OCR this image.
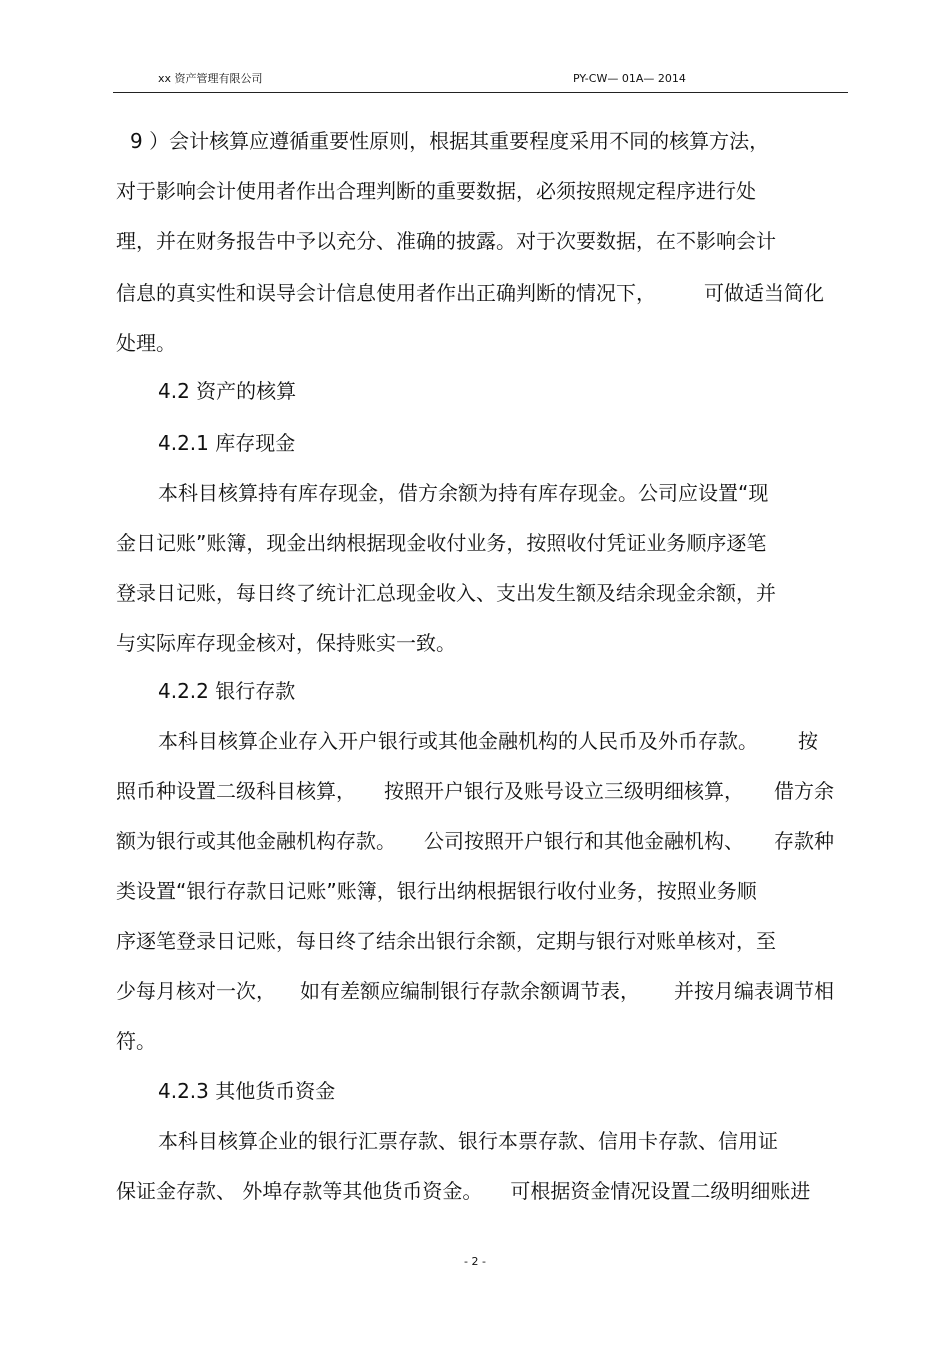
xx 资产管理有限公司	PY-CW— 01A— 2014
9 ）会计核算应遵循重要性原则，根据其重要程度采用不同的核算方法，
对于影响会计使用者作出合理判断的重要数据，必须按照规定程序进行处
理，并在财务报告中予以充分、准确的披露。对于次要数据，在不影响会计
信息的真实性和误导会计信息使用者作出正确判断的情况下， 可做适当简化
处理。
4.2 资产的核算
4.2.1 库存现金
本科目核算持有库存现金，借方余额为持有库存现金。公司应设置“现
金日记账”账簿，现金出纳根据现金收付业务，按照收付凭证业务顺序逐笔
登录日记账，每日终了统计汇总现金收入、支出发生额及结余现金余额，并
与实际库存现金核对，保持账实一致。
4.2.2 银行存款
本科目核算企业存入开户银行或其他金融机构的人民币及外币存款。 按
照币种设置二级科目核算， 按照开户银行及账号设立三级明细核算， 借方余
额为银行或其他金融机构存款。 公司按照开户银行和其他金融机构、 存款种
类设置“银行存款日记账”账簿，银行出纳根据银行收付业务，按照业务顺
序逐笔登录日记账，每日终了结余出银行余额，定期与银行对账单核对，至
少每月核对一次， 如有差额应编制银行存款余额调节表， 并按月编表调节相
符。
4.2.3 其他货币资金
本科目核算企业的银行汇票存款、银行本票存款、信用卡存款、信用证
保证金存款、 外埠存款等其他货币资金。 可根据资金情况设置二级明细账进
- 2 -
